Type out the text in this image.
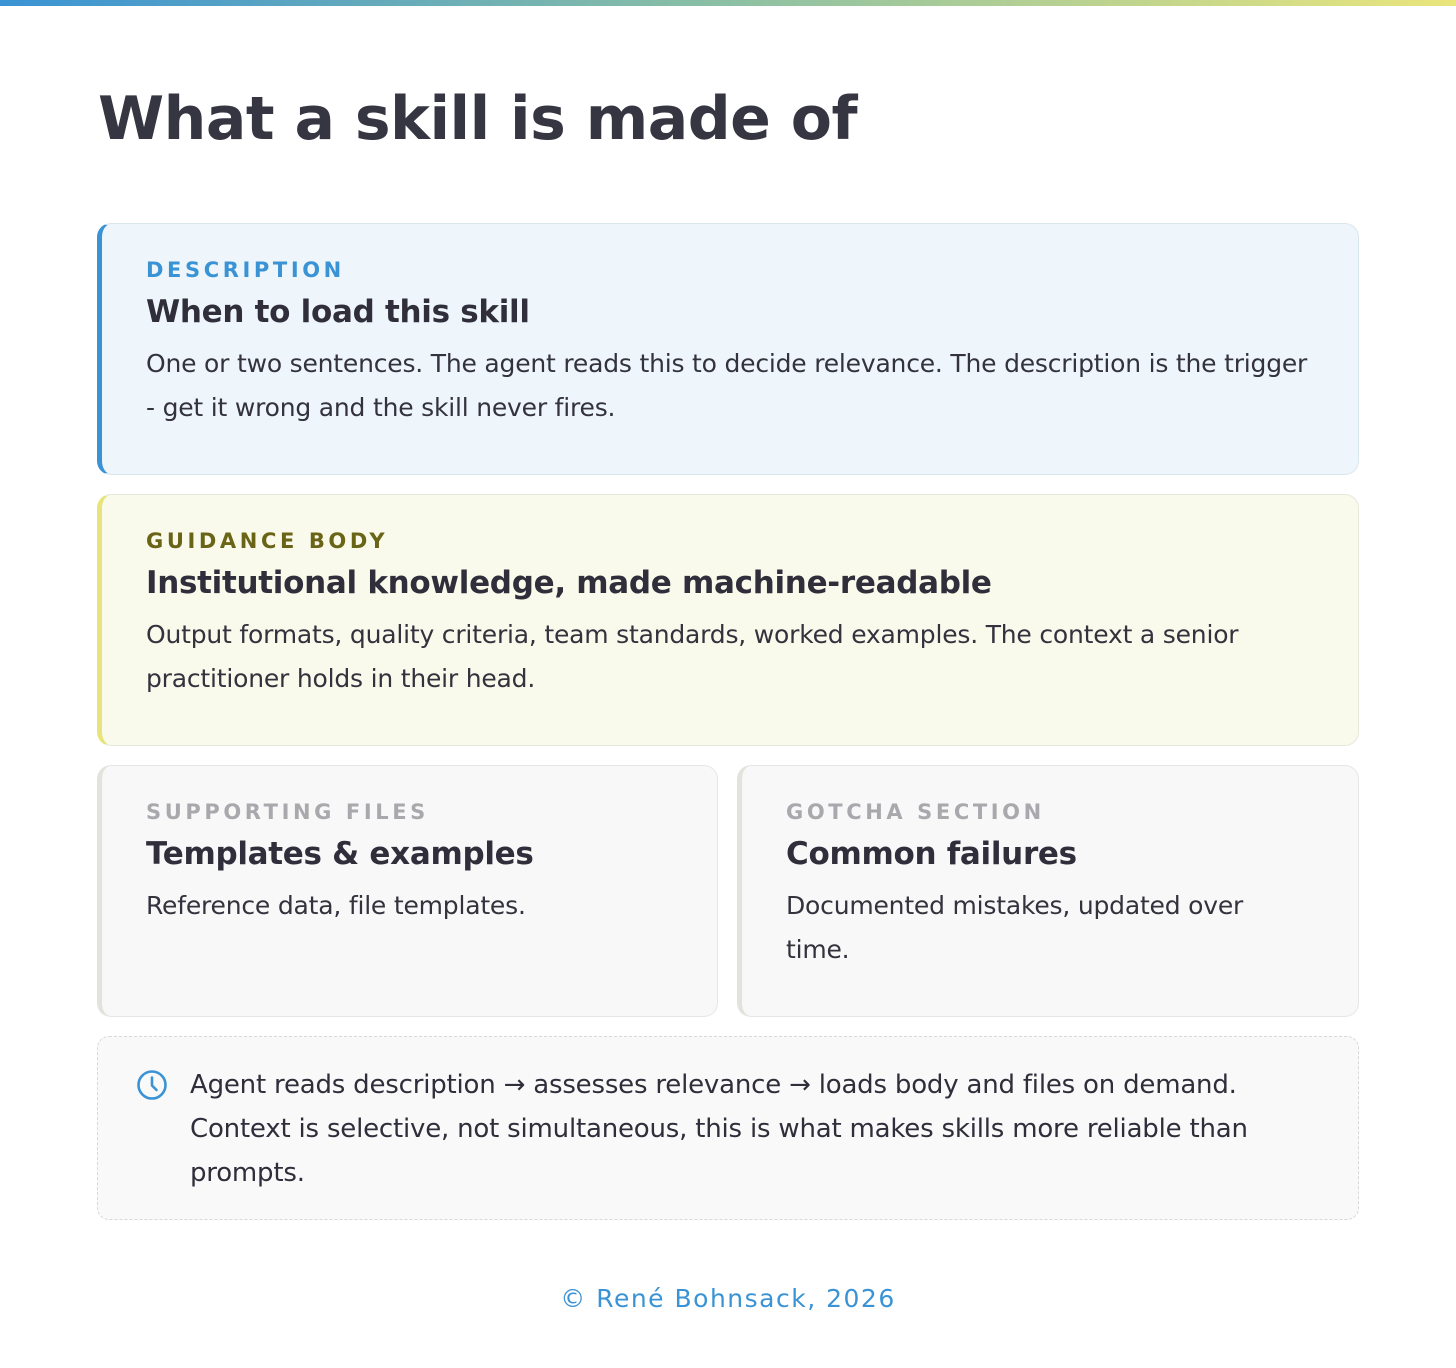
What a skill is made of
DESCRIPTION
When to load this skill
One or two sentences. The agent reads this to decide relevance. The description is the trigger - get it wrong and the skill never fires.
GUIDANCE BODY
Institutional knowledge, made machine-readable
Output formats, quality criteria, team standards, worked examples. The context a senior practitioner holds in their head.
SUPPORTING FILES
Templates & examples
Reference data, file templates.
GOTCHA SECTION
Common failures
Documented mistakes, updated over time.
Agent reads description → assesses relevance → loads body and files on demand. Context is selective, not simultaneous, this is what makes skills more reliable than prompts.
© René Bohnsack, 2026
